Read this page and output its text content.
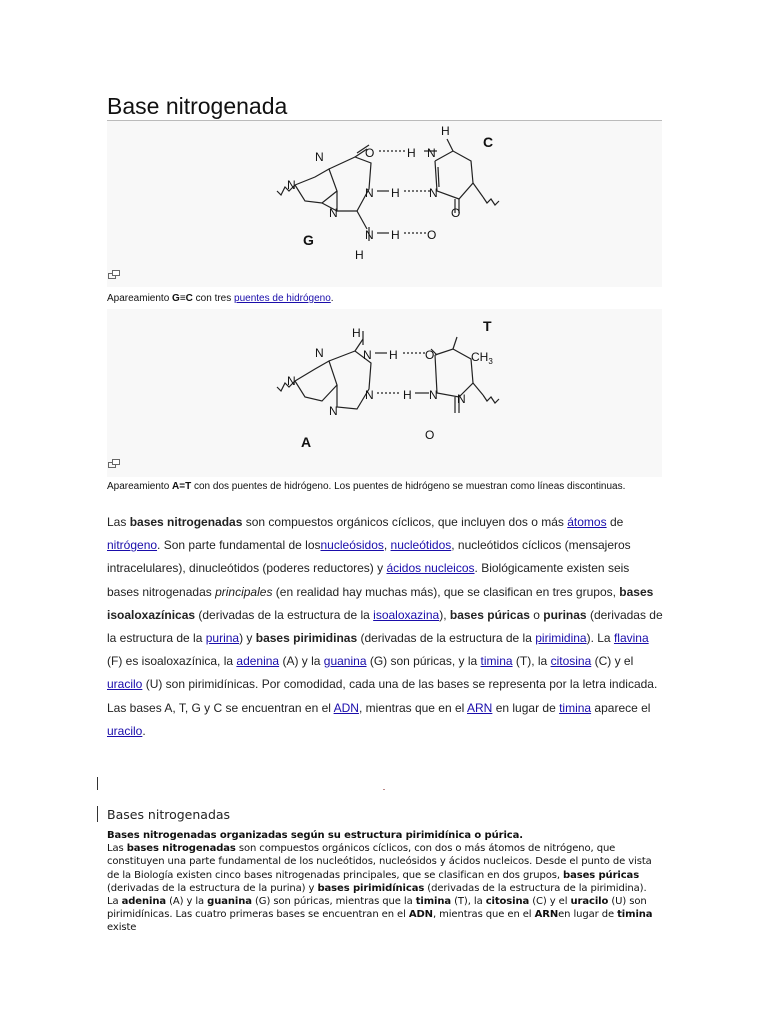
Base nitrogenada
N
N
N
O	H N
H
N H N
O
N H O
H
C
G
Apareamiento G≡C con tres puentes de hidrógeno.
N
N
N
H
N H O
N H N
O
N
$CH_3$
T
A
Apareamiento A=T con dos puentes de hidrógeno. Los puentes de hidrógeno se muestran como líneas discontinuas.

Las bases nitrogenadas son compuestos orgánicos cíclicos, que incluyen dos o más átomos de nitrógeno. Son parte fundamental de losnucleósidos, nucleótidos, nucleótidos cíclicos (mensajeros intracelulares), dinucleótidos (poderes reductores) y ácidos nucleicos. Biológicamente existen seis bases nitrogenadas principales (en realidad hay muchas más), que se clasifican en tres grupos, bases isoaloxazínicas (derivadas de la estructura de la isoaloxazina), bases púricas o purinas (derivadas de la estructura de la purina) y bases pirimidinas (derivadas de la estructura de la pirimidina). La flavina (F) es isoaloxazínica, la adenina (A) y la guanina (G) son púricas, y la timina (T), la citosina (C) y el uracilo (U) son pirimidínicas. Por comodidad, cada una de las bases se representa por la letra indicada. Las bases A, T, G y C se encuentran en el ADN, mientras que en el ARN en lugar de timina aparece el uracilo.

Bases nitrogenadas

Bases nitrogenadas organizadas según su estructura pirimidínica o púrica.

Las bases nitrogenadas son compuestos orgánicos cíclicos, con dos o más átomos de nitrógeno, que constituyen una parte fundamental de los nucleótidos, nucleósidos y ácidos nucleicos. Desde el punto de vista de la Biología existen cinco bases nitrogenadas principales, que se clasifican en dos grupos, bases púricas (derivadas de la estructura de la purina) y bases pirimidínicas (derivadas de la estructura de la pirimidina).

La adenina (A) y la guanina (G) son púricas, mientras que la timina (T), la citosina (C) y el uracilo (U) son pirimidínicas. Las cuatro primeras bases se encuentran en el ADN, mientras que en el ARNen lugar de timina existe
